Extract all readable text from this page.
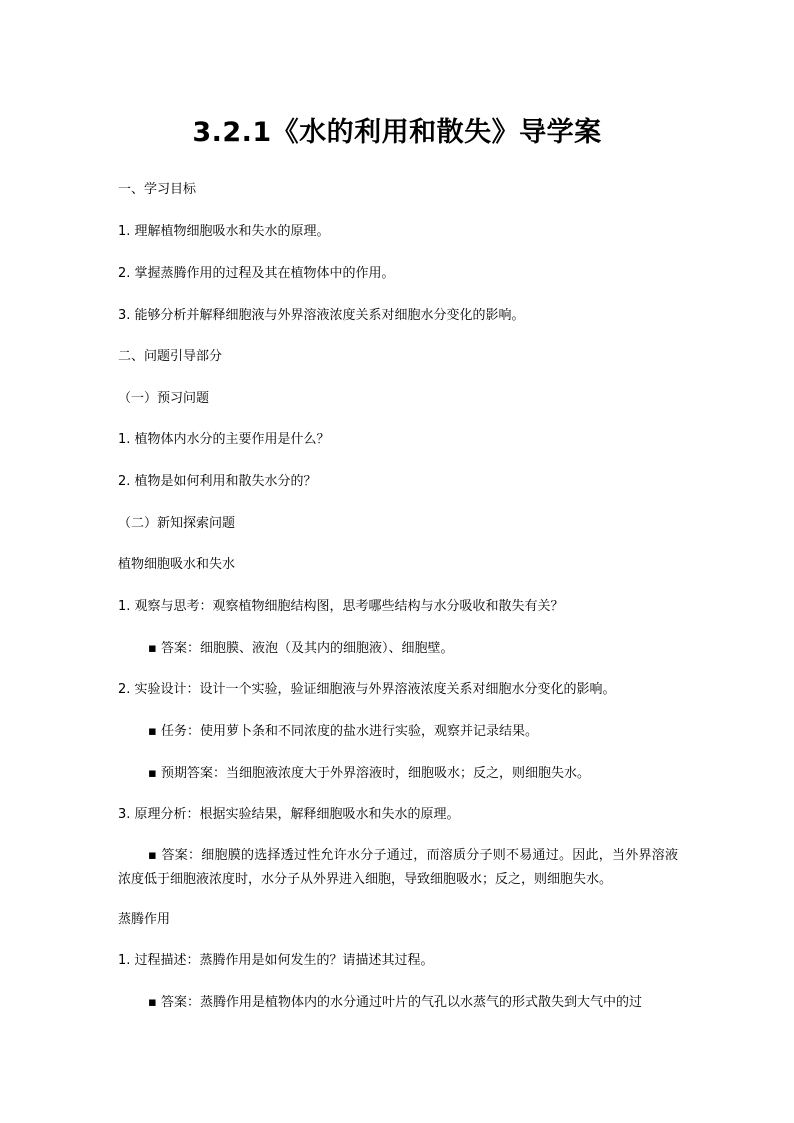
3.2.1《水的利用和散失》导学案
一、学习目标
1. 理解植物细胞吸水和失水的原理。
2. 掌握蒸腾作用的过程及其在植物体中的作用。
3. 能够分析并解释细胞液与外界溶液浓度关系对细胞水分变化的影响。
二、问题引导部分
（一）预习问题
1. 植物体内水分的主要作用是什么？
2. 植物是如何利用和散失水分的？
（二）新知探索问题
植物细胞吸水和失水
1. 观察与思考：观察植物细胞结构图，思考哪些结构与水分吸收和散失有关？
▪ 答案：细胞膜、液泡（及其内的细胞液）、细胞壁。
2. 实验设计：设计一个实验，验证细胞液与外界溶液浓度关系对细胞水分变化的影响。
▪ 任务：使用萝卜条和不同浓度的盐水进行实验，观察并记录结果。
▪ 预期答案：当细胞液浓度大于外界溶液时，细胞吸水；反之，则细胞失水。
3. 原理分析：根据实验结果，解释细胞吸水和失水的原理。
▪ 答案：细胞膜的选择透过性允许水分子通过，而溶质分子则不易通过。因此，当外界溶液浓度低于细胞液浓度时，水分子从外界进入细胞，导致细胞吸水；反之，则细胞失水。
蒸腾作用
1. 过程描述：蒸腾作用是如何发生的？请描述其过程。
▪ 答案：蒸腾作用是植物体内的水分通过叶片的气孔以水蒸气的形式散失到大气中的过
